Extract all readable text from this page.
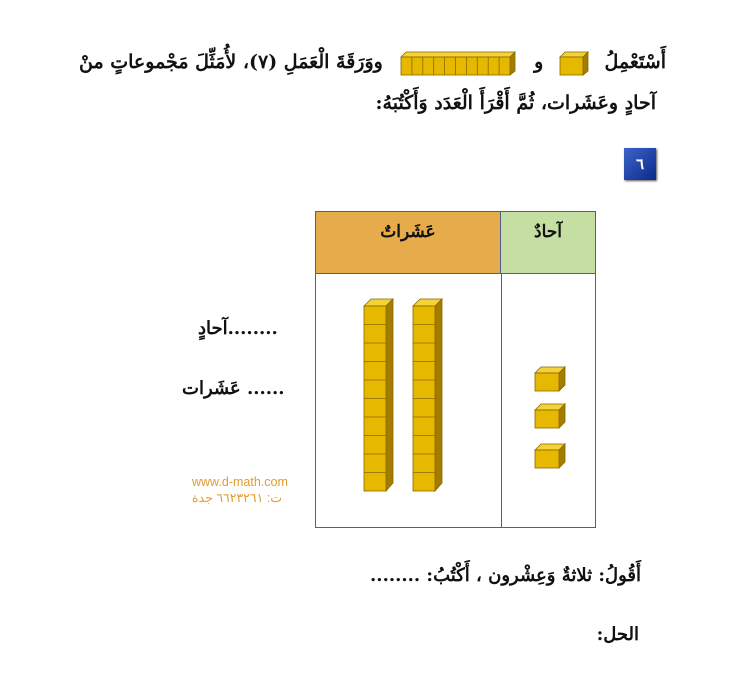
أَسْتَعْمِلُ  و  ووَرَقَةَ الْعَمَلِ (٧)، لأُمَثِّلَ مَجْموعاتٍ منْ
آحادٍ وعَشَرات، ثُمَّ أَقْرَأَ الْعَدَد وَأَكْتُبَهُ:
٦
عَشَراتٌ	آحادٌ
........آحادٍ
...... عَشَرات
www.d-math.com
ت: ٦٦٢٣٢٦١ جدة
أَقُولُ: ثلاثةٌ وَعِشْرون ، أَكْتُبُ: ........
الحل:
